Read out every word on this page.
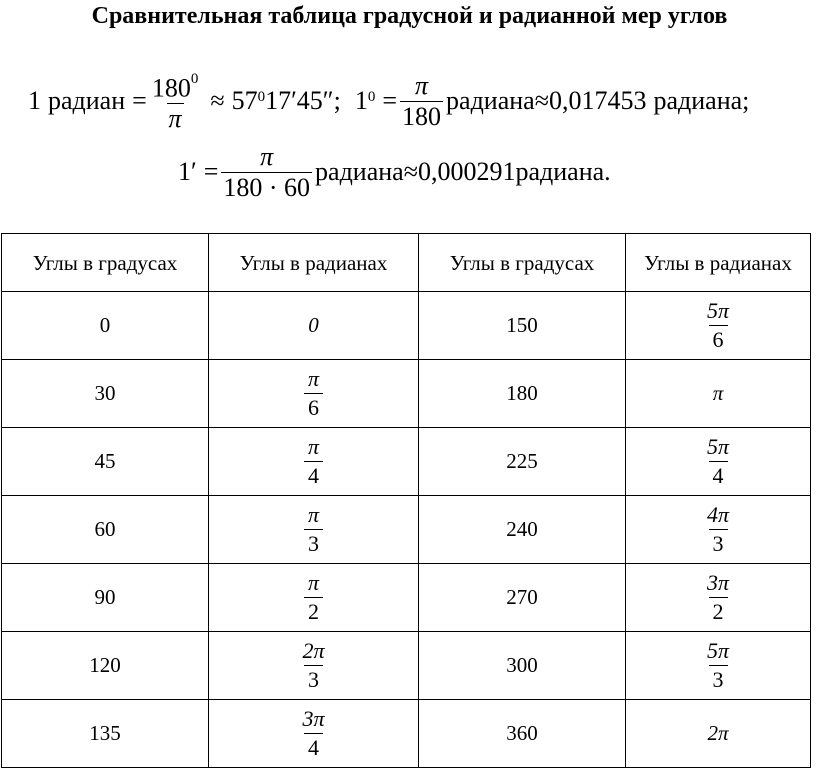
Сравнительная таблица градусной и радианной мер углов
1 радиан = $\frac{180^0}{\pi} \approx 57^0$ 17′45″ ; $1^0 = \frac{\pi}{180}$ радиана ≈ 0,017453 радиана;
$1' = \frac{\pi}{180 \cdot 60}$ радиана ≈ 0,000291 радиана.
Углы в градусах	Углы в радианах	Углы в градусах	Углы в радианах
0	0	150	$\frac{5\pi}{6}$

30	$\frac{\pi}{6}$	180	π
45	$\frac{\pi}{4}$	225	$\frac{5\pi}{4}$

60	$\frac{\pi}{3}$	240	$\frac{4\pi}{3}$

90	$\frac{\pi}{2}$	270	$\frac{3\pi}{2}$

120	$\frac{2\pi}{3}$	300	$\frac{5\pi}{3}$

135	$\frac{3\pi}{4}$	360	2π
